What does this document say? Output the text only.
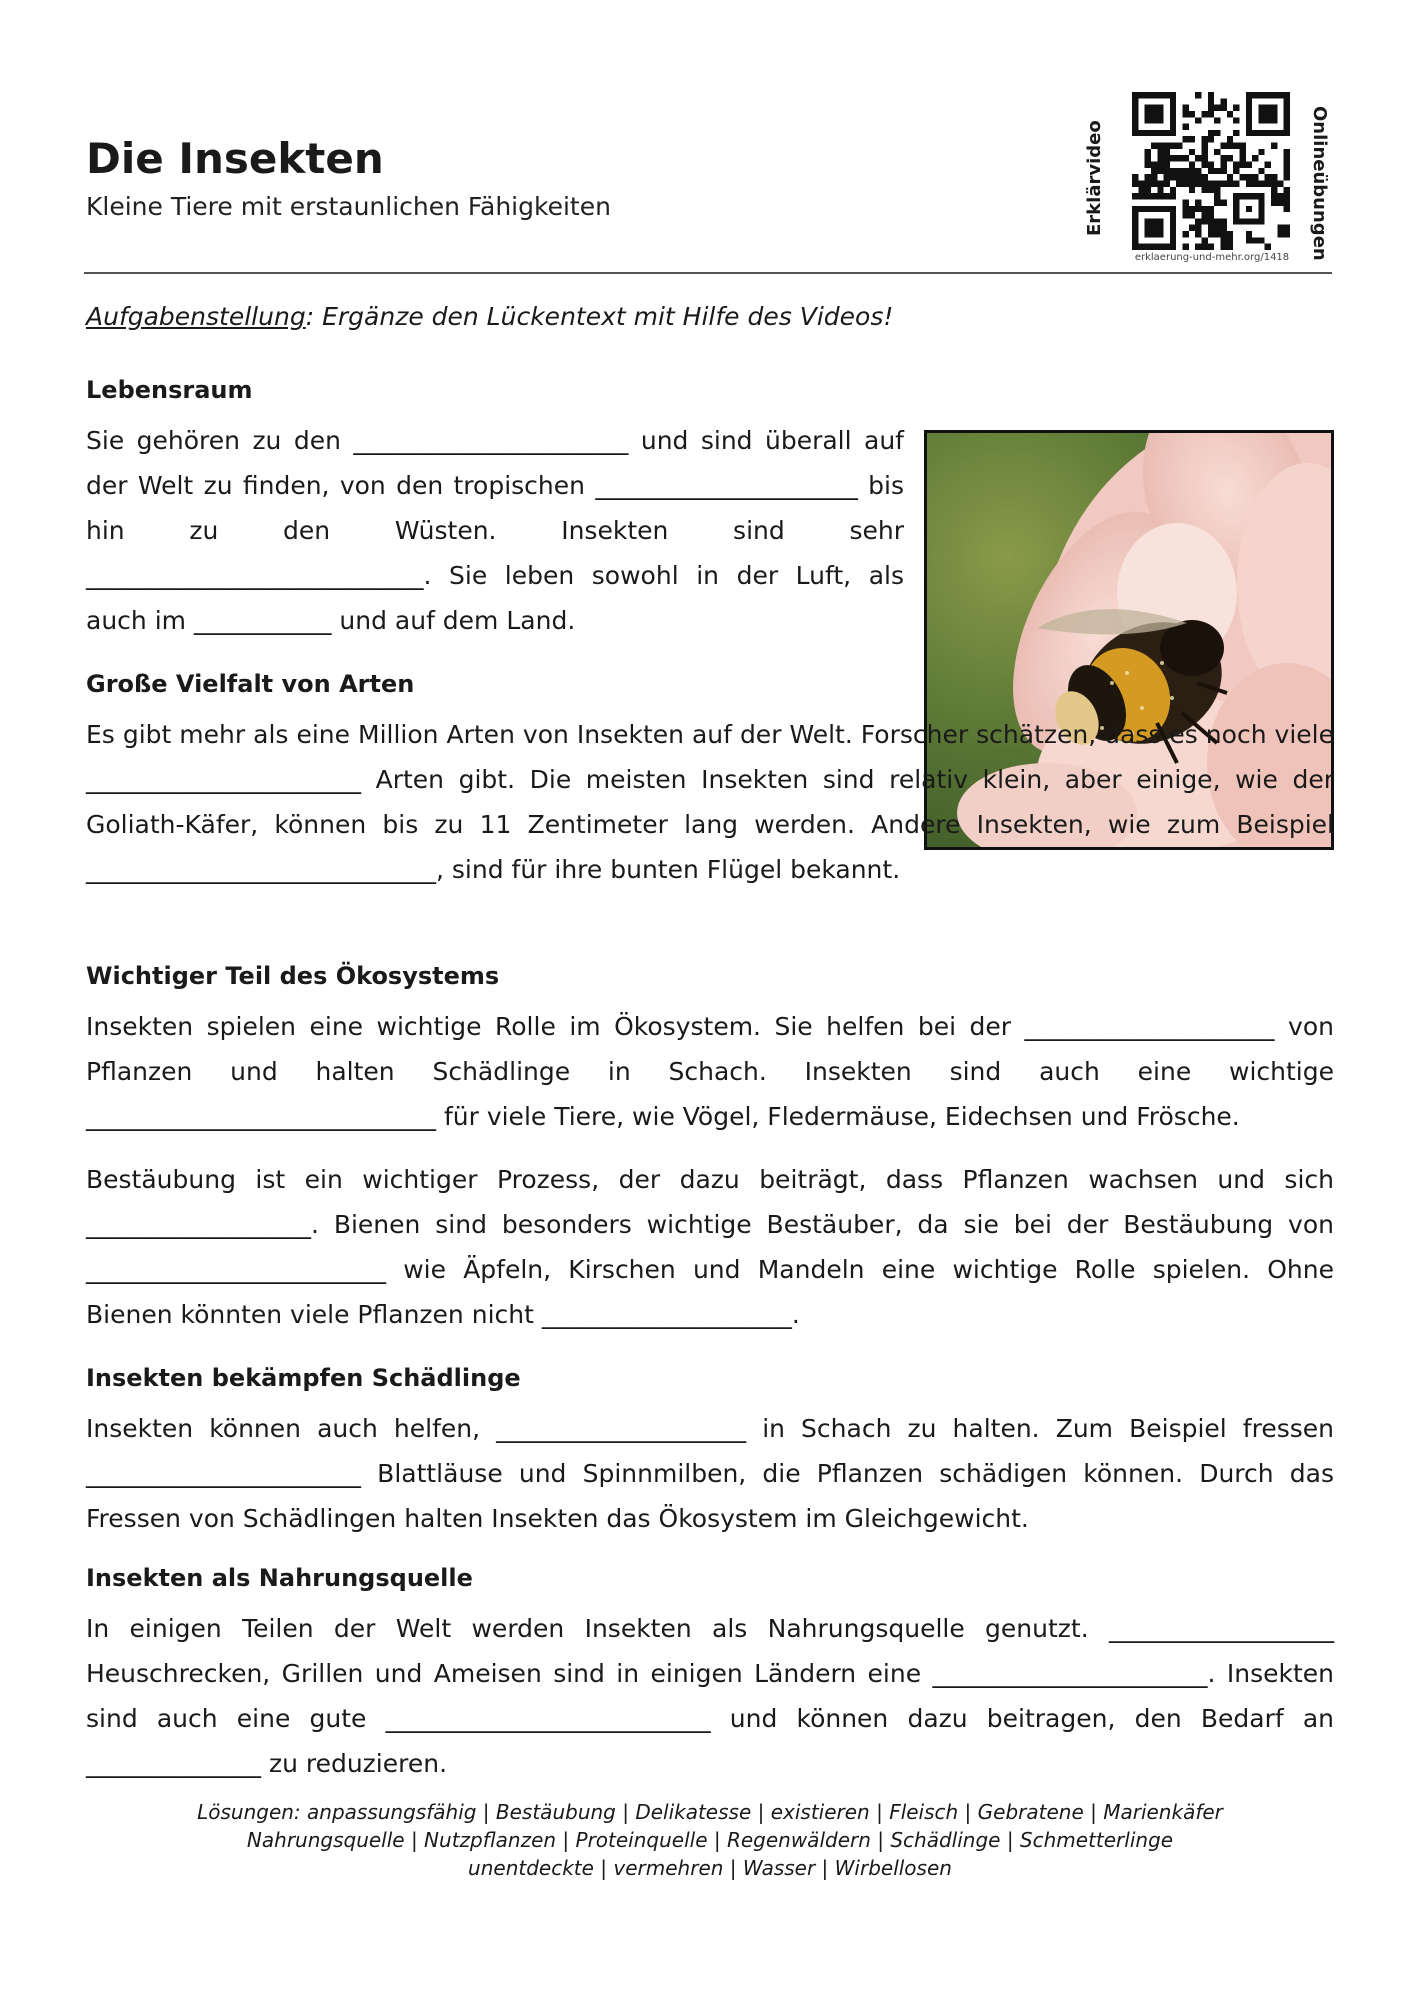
Die Insekten
Kleine Tiere mit erstaunlichen Fähigkeiten	Erklärvideo
erklaerung-und-mehr.org/1418 Onlineübungen
Aufgabenstellung: Ergänze den Lückentext mit Hilfe des Videos!
Lebensraum

Sie gehören zu den ______________________ und sind überall auf der Welt zu finden, von den tropischen _____________________ bis hin zu den Wüsten. Insekten sind sehr ___________________________. Sie leben sowohl in der Luft, als auch im ___________ und auf dem Land.

Große Vielfalt von Arten

Es gibt mehr als eine Million Arten von Insekten auf der Welt. Forscher schätzen, dass es noch viele ______________________ Arten gibt. Die meisten Insekten sind relativ klein, aber einige, wie der Goliath-Käfer, können bis zu 11 Zentimeter lang werden. Andere Insekten, wie zum Beispiel ____________________________, sind für ihre bunten Flügel bekannt.

Wichtiger Teil des Ökosystems

Insekten spielen eine wichtige Rolle im Ökosystem. Sie helfen bei der ____________________ von Pflanzen und halten Schädlinge in Schach. Insekten sind auch eine wichtige ____________________________ für viele Tiere, wie Vögel, Fledermäuse, Eidechsen und Frösche.

Bestäubung ist ein wichtiger Prozess, der dazu beiträgt, dass Pflanzen wachsen und sich __________________. Bienen sind besonders wichtige Bestäuber, da sie bei der Bestäubung von ________________________ wie Äpfeln, Kirschen und Mandeln eine wichtige Rolle spielen. Ohne Bienen könnten viele Pflanzen nicht ____________________.

Insekten bekämpfen Schädlinge

Insekten können auch helfen, ____________________ in Schach zu halten. Zum Beispiel fressen ______________________ Blattläuse und Spinnmilben, die Pflanzen schädigen können. Durch das Fressen von Schädlingen halten Insekten das Ökosystem im Gleichgewicht.

Insekten als Nahrungsquelle

In einigen Teilen der Welt werden Insekten als Nahrungsquelle genutzt. __________________ Heuschrecken, Grillen und Ameisen sind in einigen Ländern eine ______________________. Insekten sind auch eine gute __________________________ und können dazu beitragen, den Bedarf an ______________ zu reduzieren.

Lösungen: anpassungsfähig | Bestäubung | Delikatesse | existieren | Fleisch | Gebratene | Marienkäfer
Nahrungsquelle | Nutzpflanzen | Proteinquelle | Regenwäldern | Schädlinge | Schmetterlinge
unentdeckte | vermehren | Wasser | Wirbellosen
